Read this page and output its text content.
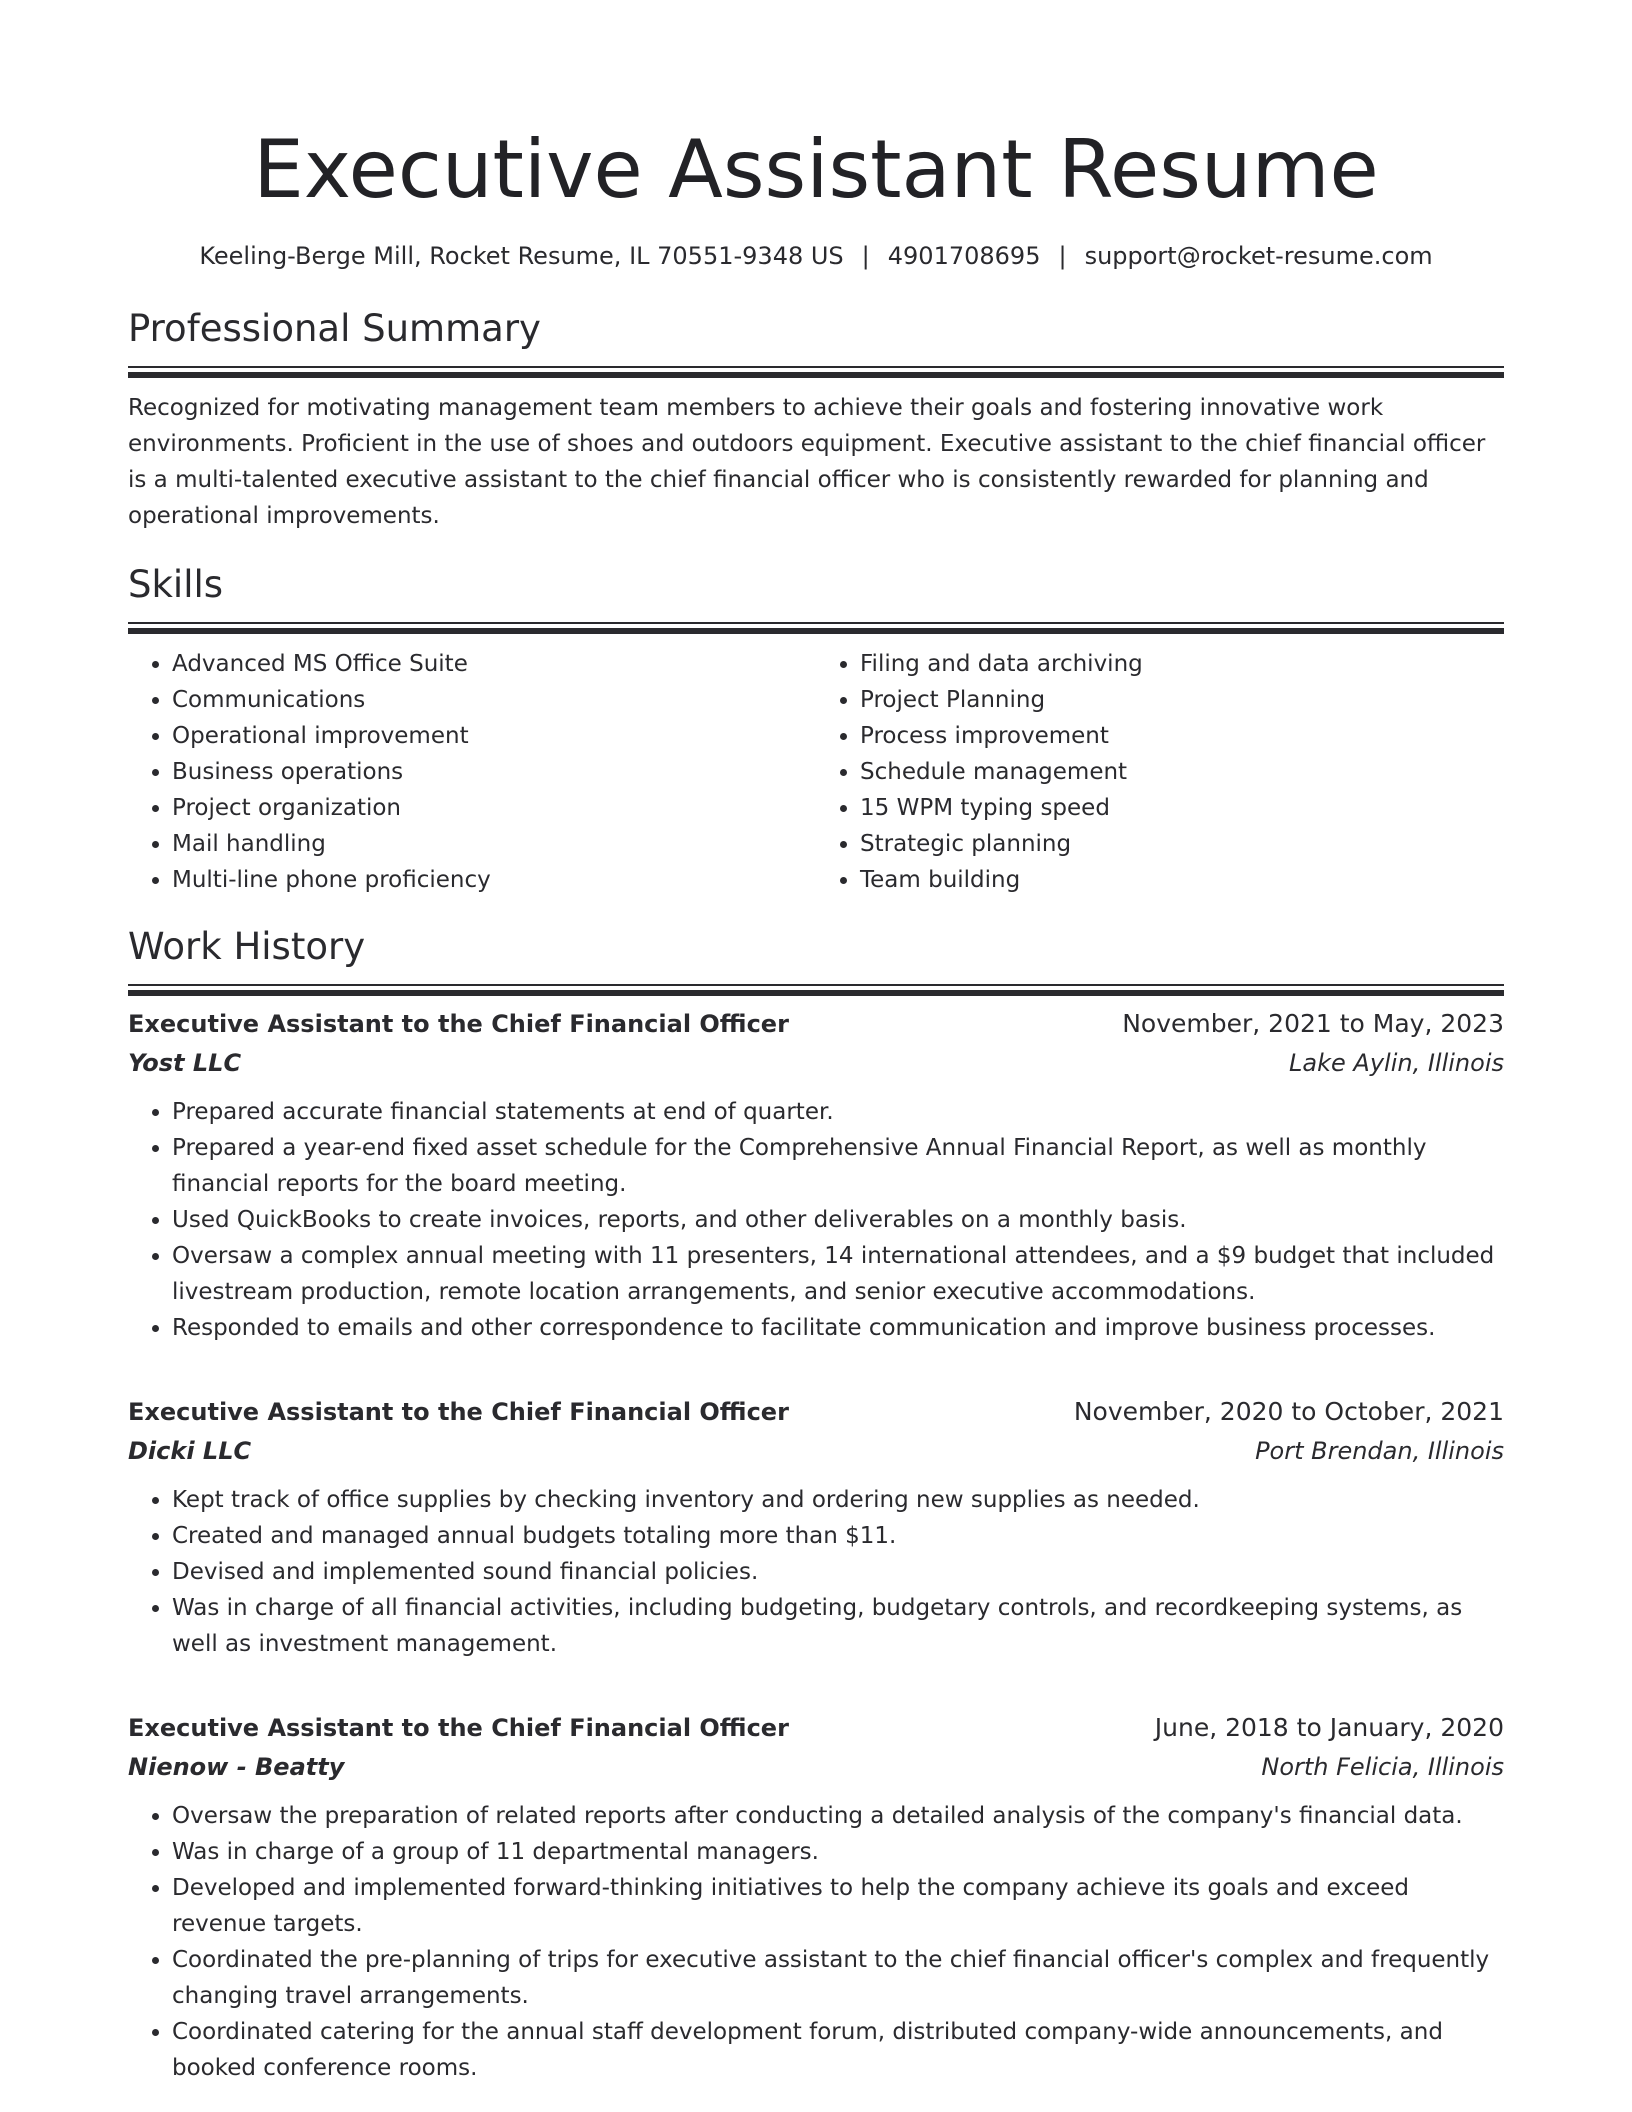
Executive Assistant Resume
Keeling-Berge Mill, Rocket Resume, IL 70551-9348 US | 4901708695 | support@rocket-resume.com
Professional Summary

Recognized for motivating management team members to achieve their goals and fostering innovative work environments. Proficient in the use of shoes and outdoors equipment. Executive assistant to the chief financial officer is a multi-talented executive assistant to the chief financial officer who is consistently rewarded for planning and operational improvements.

Skills
• Advanced MS Office Suite
• Communications
• Operational improvement
• Business operations
• Project organization
• Mail handling
• Multi-line phone proficiency
• Filing and data archiving
• Project Planning
• Process improvement
• Schedule management
• 15 WPM typing speed
• Strategic planning
• Team building
Work History
Executive Assistant to the Chief Financial Officer	November, 2021 to May, 2023
Yost LLC	Lake Aylin, Illinois
• Prepared accurate financial statements at end of quarter.
• Prepared a year-end fixed asset schedule for the Comprehensive Annual Financial Report, as well as monthly financial reports for the board meeting.
• Used QuickBooks to create invoices, reports, and other deliverables on a monthly basis.
• Oversaw a complex annual meeting with 11 presenters, 14 international attendees, and a $9 budget that included livestream production, remote location arrangements, and senior executive accommodations.
• Responded to emails and other correspondence to facilitate communication and improve business processes.
Executive Assistant to the Chief Financial Officer	November, 2020 to October, 2021
Dicki LLC	Port Brendan, Illinois
• Kept track of office supplies by checking inventory and ordering new supplies as needed.
• Created and managed annual budgets totaling more than $11.
• Devised and implemented sound financial policies.
• Was in charge of all financial activities, including budgeting, budgetary controls, and recordkeeping systems, as well as investment management.
Executive Assistant to the Chief Financial Officer	June, 2018 to January, 2020
Nienow - Beatty	North Felicia, Illinois
• Oversaw the preparation of related reports after conducting a detailed analysis of the company's financial data.
• Was in charge of a group of 11 departmental managers.
• Developed and implemented forward-thinking initiatives to help the company achieve its goals and exceed revenue targets.
• Coordinated the pre-planning of trips for executive assistant to the chief financial officer's complex and frequently changing travel arrangements.
• Coordinated catering for the annual staff development forum, distributed company-wide announcements, and booked conference rooms.
